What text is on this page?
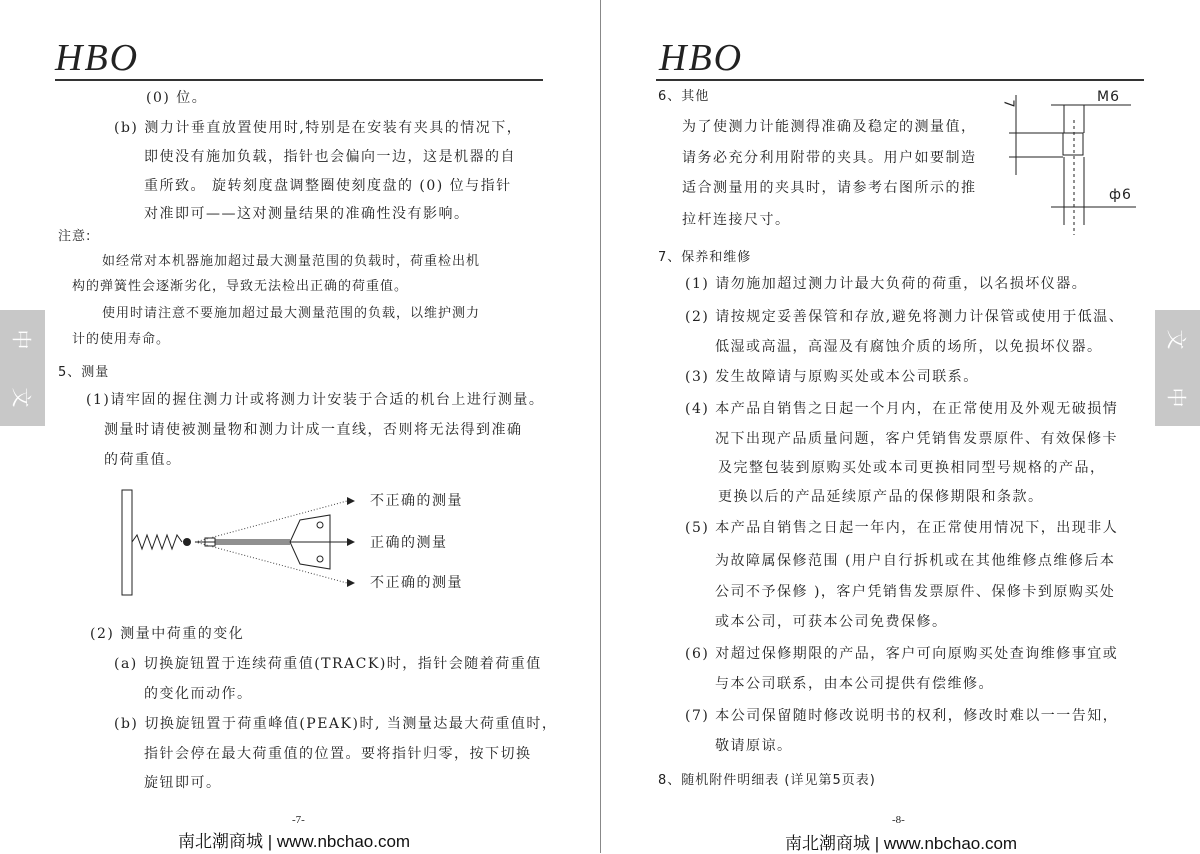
HBO
(0) 位。
(b) 测力计垂直放置使用时,特别是在安装有夹具的情况下，
即使没有施加负载，指针也会偏向一边，这是机器的自
重所致。 旋转刻度盘调整圈使刻度盘的 (0) 位与指针
对准即可——这对测量结果的准确性没有影响。
注意:
如经常对本机器施加超过最大测量范围的负载时，荷重检出机
构的弹簧性会逐渐劣化，导致无法检出正确的荷重值。
使用时请注意不要施加超过最大测量范围的负载，以维护测力
计的使用寿命。
5、测量
(1)请牢固的握住测力计或将测力计安装于合适的机台上进行测量。
测量时请使被测量物和测力计成一直线，否则将无法得到准确
的荷重值。
不正确的测量
正确的测量
不正确的测量
(2) 测量中荷重的变化
(a) 切换旋钮置于连续荷重值(TRACK)时，指针会随着荷重值
的变化而动作。
(b) 切换旋钮置于荷重峰值(PEAK)时, 当测量达最大荷重值时，
指针会停在最大荷重值的位置。要将指针归零，按下切换
旋钮即可。
-7-
南北潮商城 | www.nbchao.com
中
文
HBO
6、其他
为了使测力计能测得准确及稳定的测量值，
请务必充分利用附带的夹具。用户如要制造
适合测量用的夹具时，请参考右图所示的推
拉杆连接尺寸。
M6
7
ф6
7、保养和维修
(1) 请勿施加超过测力计最大负荷的荷重，以名损坏仪器。
(2) 请按规定妥善保管和存放,避免将测力计保管或使用于低温、
低湿或高温，高湿及有腐蚀介质的场所，以免损坏仪器。
(3) 发生故障请与原购买处或本公司联系。
(4) 本产品自销售之日起一个月内，在正常使用及外观无破损情
况下出现产品质量问题，客户凭销售发票原件、有效保修卡
及完整包装到原购买处或本司更换相同型号规格的产品，
更换以后的产品延续原产品的保修期限和条款。
(5) 本产品自销售之日起一年内，在正常使用情况下，出现非人
为故障属保修范围 (用户自行拆机或在其他维修点维修后本
公司不予保修 )，客户凭销售发票原件、保修卡到原购买处
或本公司，可获本公司免费保修。
(6) 对超过保修期限的产品，客户可向原购买处查询维修事宜或
与本公司联系，由本公司提供有偿维修。
(7) 本公司保留随时修改说明书的权利，修改时难以一一告知，
敬请原谅。
8、随机附件明细表 (详见第5页表)
-8-
南北潮商城 | www.nbchao.com
文
中
